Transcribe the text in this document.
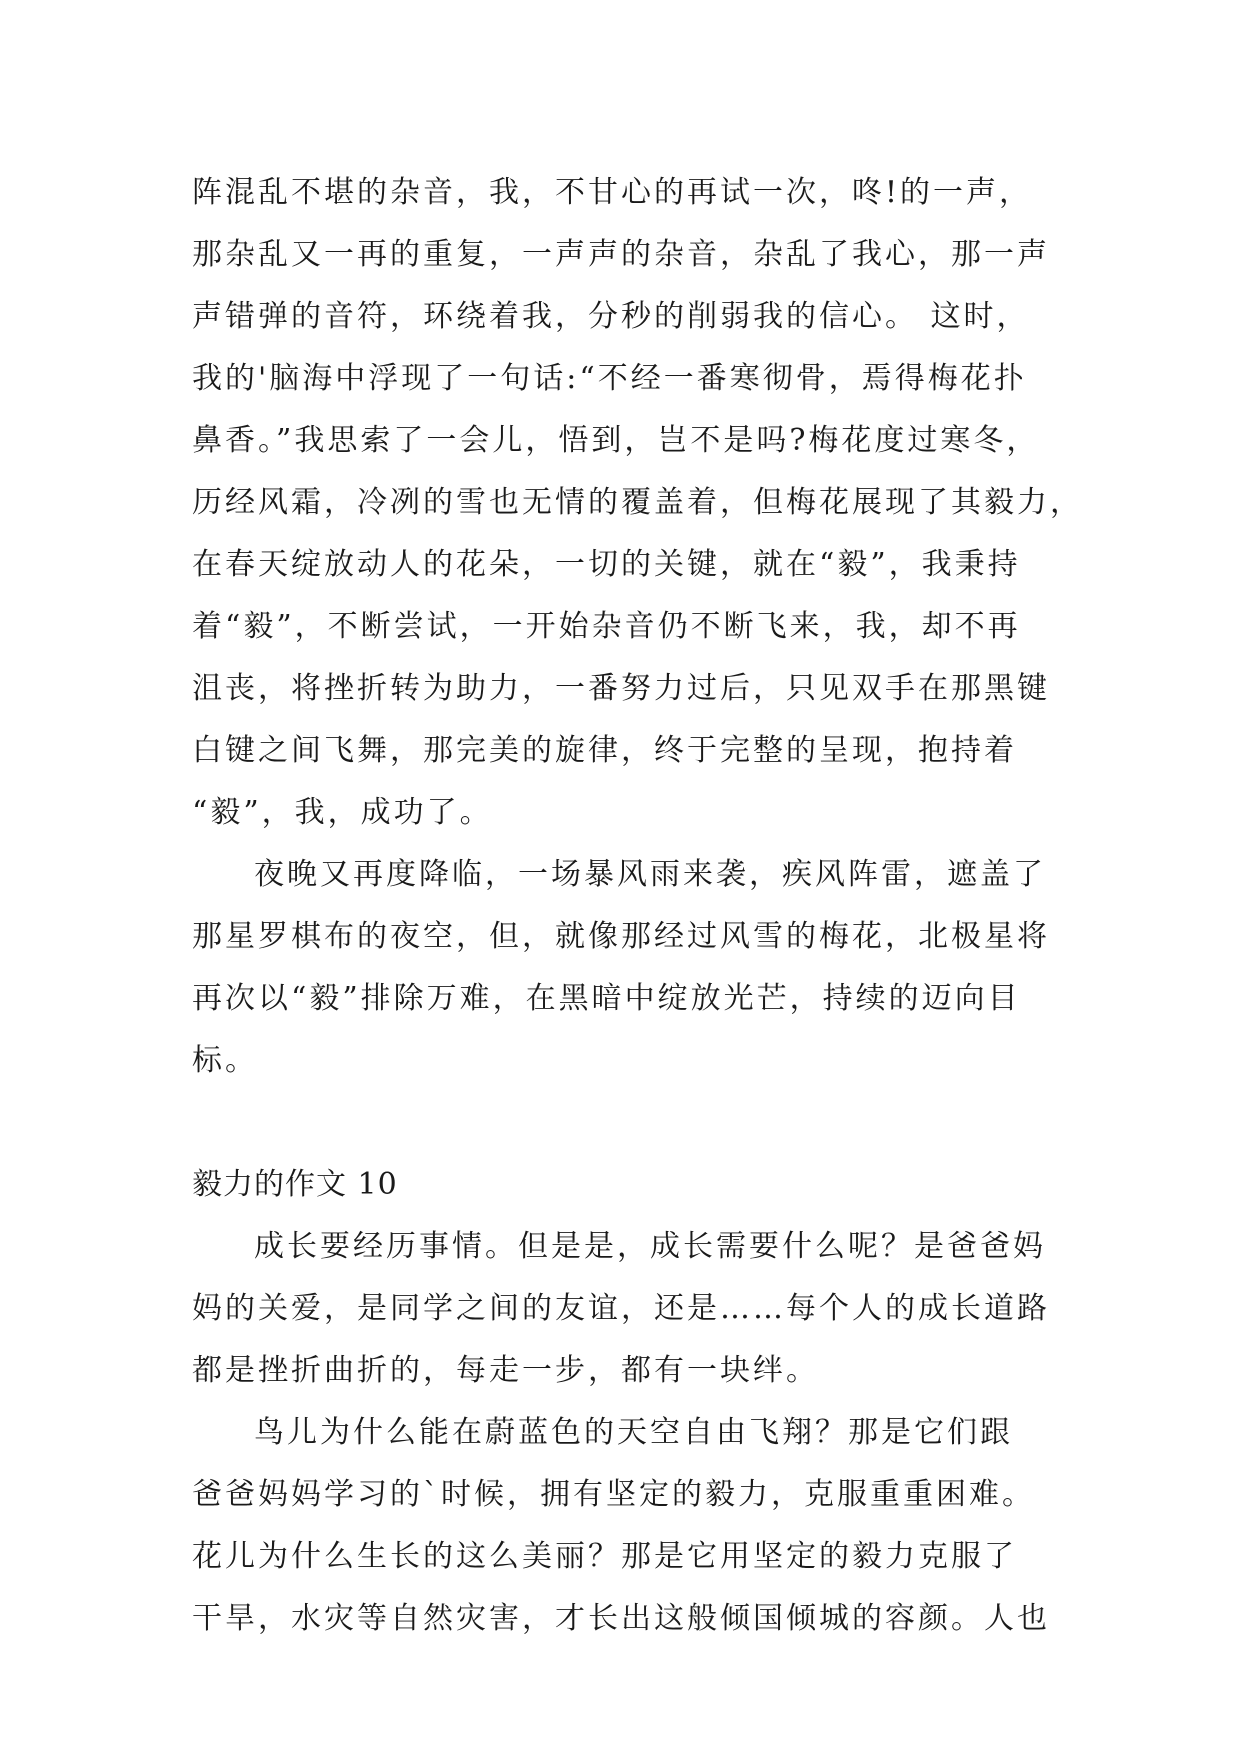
阵混乱不堪的杂音，我，不甘心的再试一次，咚!的一声，
那杂乱又一再的重复，一声声的杂音，杂乱了我心，那一声
声错弹的音符，环绕着我，分秒的削弱我的信心。 这时，
我的'脑海中浮现了一句话:“不经一番寒彻骨，焉得梅花扑
鼻香。”我思索了一会儿，悟到，岂不是吗?梅花度过寒冬，
历经风霜，冷冽的雪也无情的覆盖着，但梅花展现了其毅力，
在春天绽放动人的花朵，一切的关键，就在“毅”，我秉持
着“毅”，不断尝试，一开始杂音仍不断飞来，我，却不再
沮丧，将挫折转为助力，一番努力过后，只见双手在那黑键
白键之间飞舞，那完美的旋律，终于完整的呈现，抱持着
“毅”，我，成功了。
夜晚又再度降临，一场暴风雨来袭，疾风阵雷，遮盖了
那星罗棋布的夜空，但，就像那经过风雪的梅花，北极星将
再次以“毅”排除万难，在黑暗中绽放光芒，持续的迈向目
标。
毅力的作文 10
成长要经历事情。但是是，成长需要什么呢？是爸爸妈
妈的关爱，是同学之间的友谊，还是……每个人的成长道路
都是挫折曲折的，每走一步，都有一块绊。
鸟儿为什么能在蔚蓝色的天空自由飞翔？那是它们跟
爸爸妈妈学习的`时候，拥有坚定的毅力，克服重重困难。
花儿为什么生长的这么美丽？那是它用坚定的毅力克服了
干旱，水灾等自然灾害，才长出这般倾国倾城的容颜。人也
